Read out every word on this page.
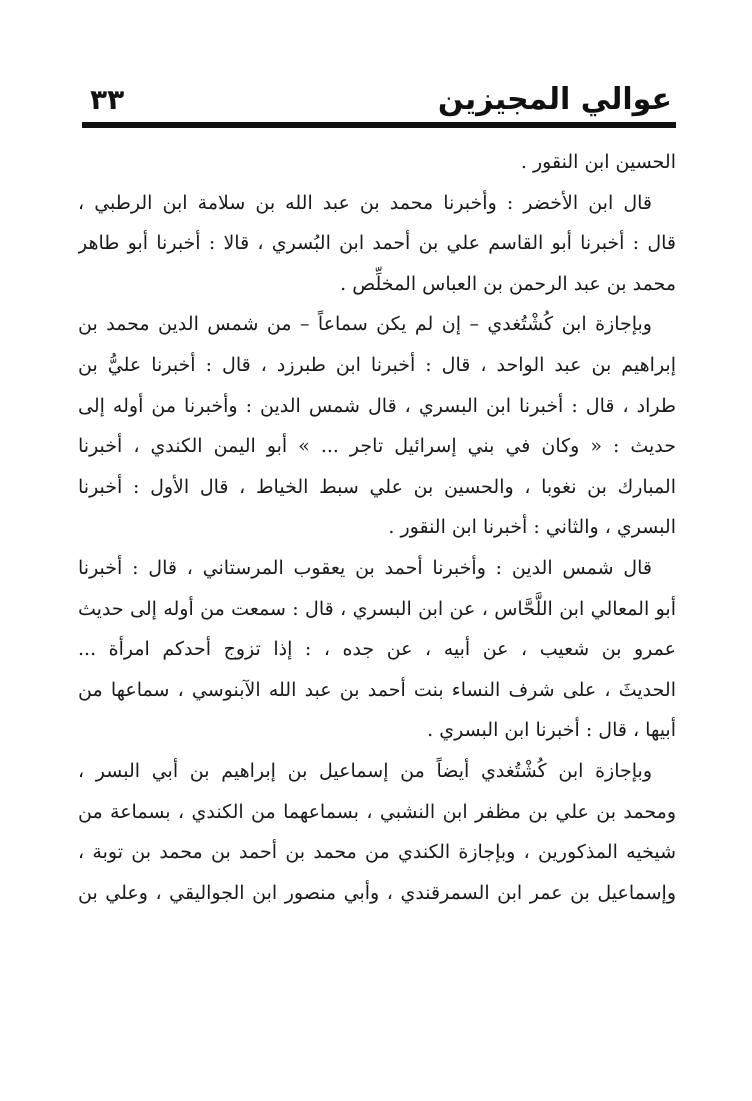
عوالي المجيزين
٣٣
الحسين ابن النقور .
قال ابن الأخضر : وأخبرنا محمد بن عبد الله بن سلامة ابن الرطبي ،
قال : أخبرنا أبو القاسم علي بن أحمد ابن البُسري ، قالا : أخبرنا أبو طاهر
محمد بن عبد الرحمن بن العباس المخلِّص .
وبإجازة ابن كُشْتُغدي – إن لم يكن سماعاً – من شمس الدين محمد بن
إبراهيم بن عبد الواحد ، قال : أخبرنا ابن طبرزد ، قال : أخبرنا عليُّ بن
طراد ، قال : أخبرنا ابن البسري ، قال شمس الدين : وأخبرنا من أوله إلى
حديث : « وكان في بني إسرائيل تاجر ... » أبو اليمن الكندي ، أخبرنا
المبارك بن نغوبا ، والحسين بن علي سبط الخياط ، قال الأول : أخبرنا
البسري ، والثاني : أخبرنا ابن النقور .
قال شمس الدين : وأخبرنا أحمد بن يعقوب المرستاني ، قال : أخبرنا
أبو المعالي ابن اللَّحَّاس ، عن ابن البسري ، قال : سمعت من أوله إلى حديث
عمرو بن شعيب ، عن أبيه ، عن جده ، : إذا تزوج أحدكم امرأة ...
الحديثَ ، على شرف النساء بنت أحمد بن عبد الله الآبنوسي ، سماعها من
أبيها ، قال : أخبرنا ابن البسري .
وبإجازة ابن كُشْتُغدي أيضاً من إسماعيل بن إبراهيم بن أبي البسر ،
ومحمد بن علي بن مظفر ابن النشبي ، بسماعهما من الكندي ، بسماعة من
شيخيه المذكورين ، وبإجازة الكندي من محمد بن أحمد بن محمد بن توبة ،
وإسماعيل بن عمر ابن السمرقندي ، وأبي منصور ابن الجواليقي ، وعلي بن
